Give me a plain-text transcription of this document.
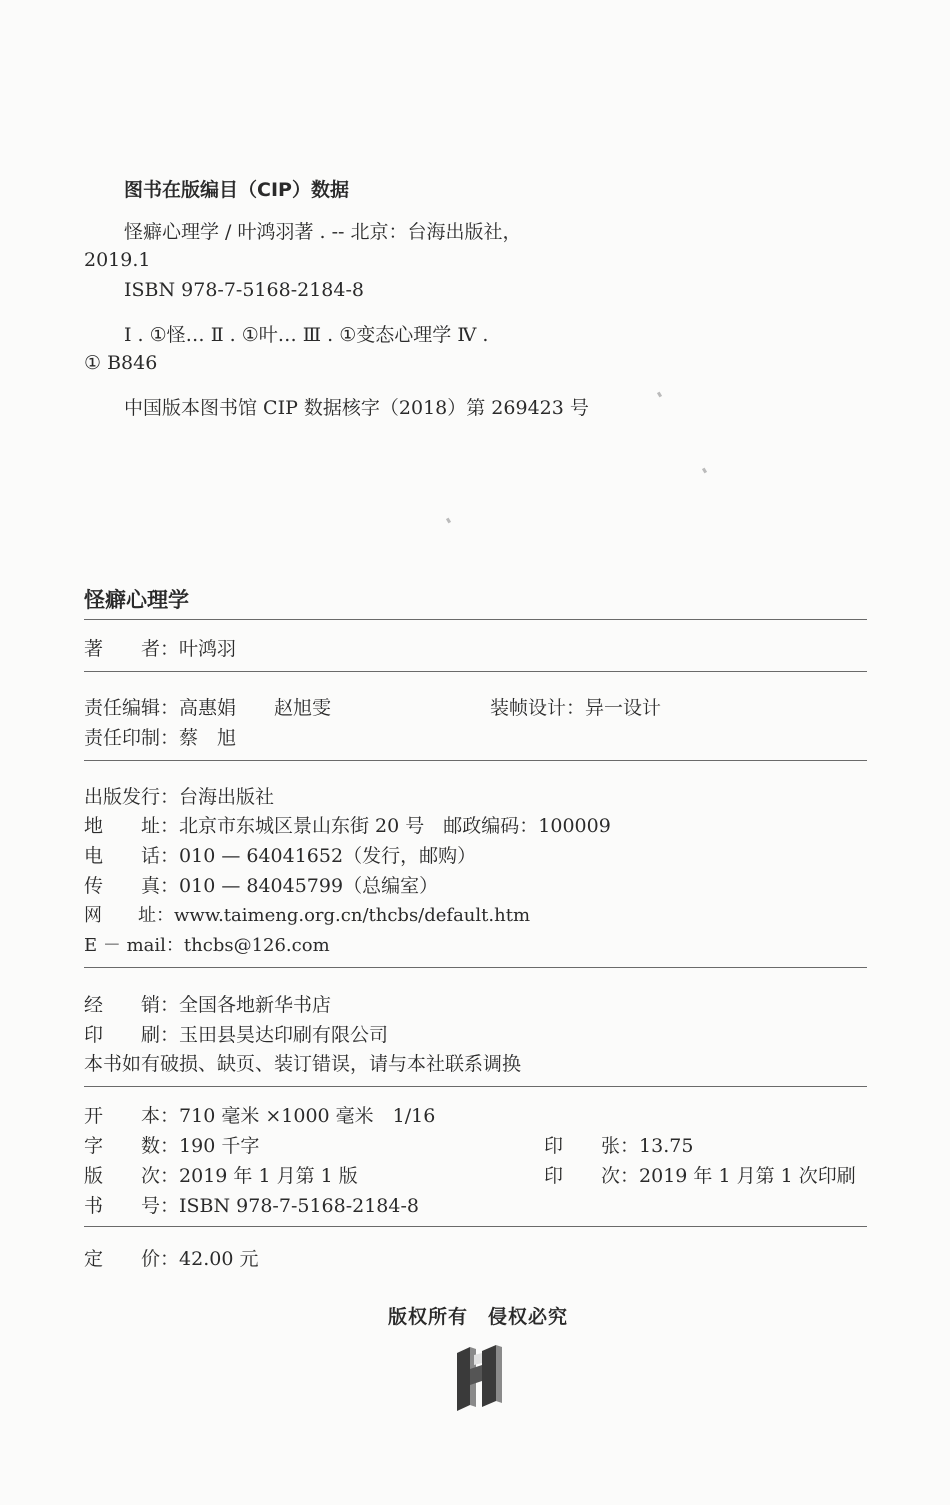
图书在版编目（CIP）数据
怪癖心理学 / 叶鸿羽著 . -- 北京：台海出版社，
2019.1
ISBN 978-7-5168-2184-8
Ⅰ . ①怪… Ⅱ . ①叶… Ⅲ . ①变态心理学 Ⅳ .
① B846
中国版本图书馆 CIP 数据核字（2018）第 269423 号
怪癖心理学
著　　者：叶鸿羽
责任编辑：高惠娟　　赵旭雯	装帧设计：异一设计
责任印制：蔡　旭
出版发行：台海出版社
地　　址：北京市东城区景山东街 20 号　邮政编码：100009
电　　话：010 — 64041652（发行，邮购）
传　　真：010 — 84045799（总编室）
网　　址：www.taimeng.org.cn/thcbs/default.htm
E － mail：thcbs@126.com
经　　销：全国各地新华书店
印　　刷：玉田县昊达印刷有限公司
本书如有破损、缺页、装订错误，请与本社联系调换
开　　本：710 毫米 ×1000 毫米　1/16
字　　数：190 千字	印　　张：13.75
版　　次：2019 年 1 月第 1 版	印　　次：2019 年 1 月第 1 次印刷
书　　号：ISBN 978-7-5168-2184-8
定　　价：42.00 元
版权所有　侵权必究
